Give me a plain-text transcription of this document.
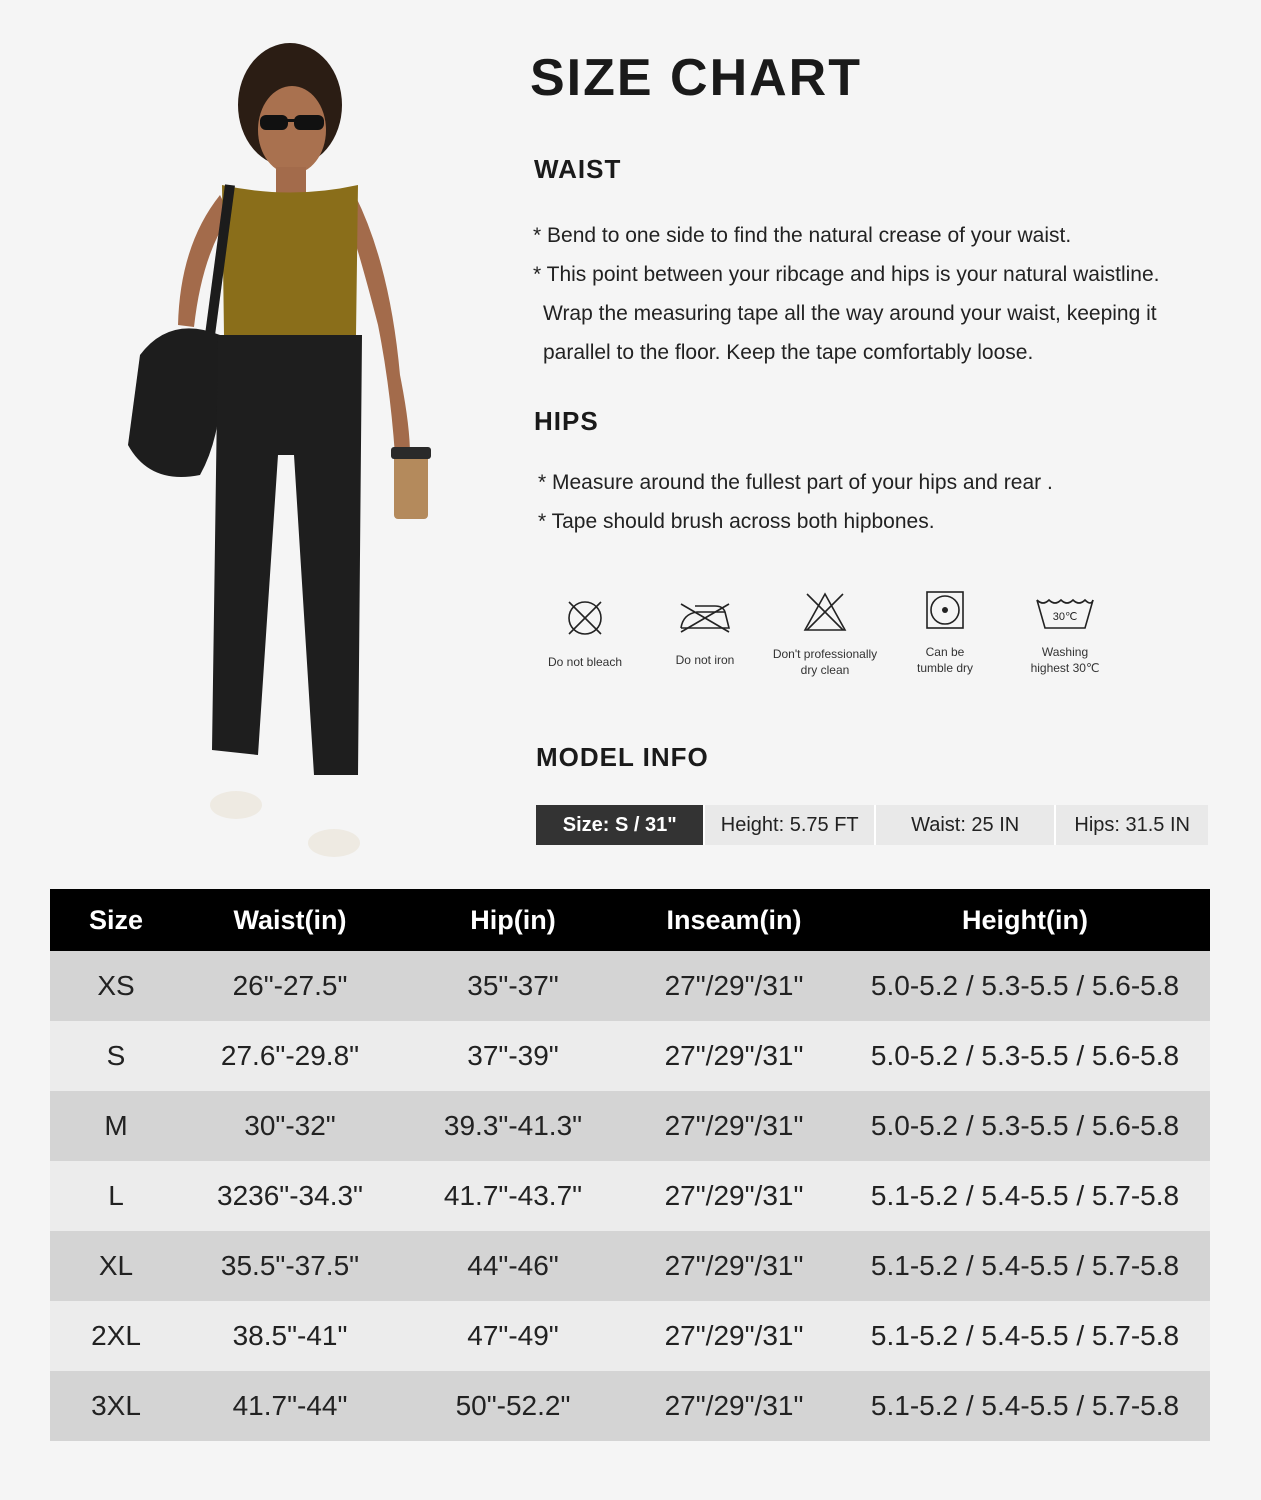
SIZE CHART
WAIST
* Bend to one side to find the natural crease of your waist.
* This point between your ribcage and hips is your natural waistline.
Wrap the measuring tape all the way around your waist, keeping it
parallel to the floor. Keep the tape comfortably loose.
HIPS
* Measure around the fullest part of your hips and rear .
* Tape should brush across both hipbones.
Do not bleach	Do not iron	Don't professionally
dry clean
Can be
tumble dry
30℃
Washing
highest 30℃
MODEL INFO
Size: S / 31"	Height: 5.75 FT	Waist: 25 IN	Hips: 31.5 IN
Size	Waist(in)	Hip(in)	Inseam(in)	Height(in)
XS	26"-27.5"	35"-37"	27"/29"/31"	5.0-5.2 / 5.3-5.5 / 5.6-5.8
S	27.6"-29.8"	37"-39"	27"/29"/31"	5.0-5.2 / 5.3-5.5 / 5.6-5.8
M	30"-32"	39.3"-41.3"	27"/29"/31"	5.0-5.2 / 5.3-5.5 / 5.6-5.8
L	3236"-34.3"	41.7"-43.7"	27"/29"/31"	5.1-5.2 / 5.4-5.5 / 5.7-5.8
XL	35.5"-37.5"	44"-46"	27"/29"/31"	5.1-5.2 / 5.4-5.5 / 5.7-5.8
2XL	38.5"-41"	47"-49"	27"/29"/31"	5.1-5.2 / 5.4-5.5 / 5.7-5.8
3XL	41.7"-44"	50"-52.2"	27"/29"/31"	5.1-5.2 / 5.4-5.5 / 5.7-5.8
